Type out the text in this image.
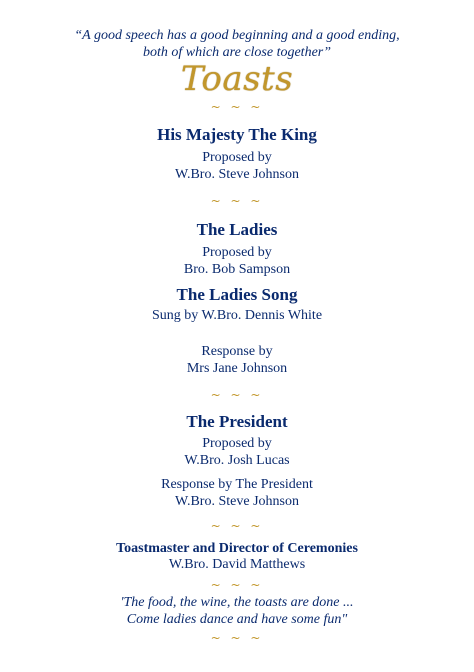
“A good speech has a good beginning and a good ending,
both of which are close together”
Toasts
~ ~ ~
His Majesty The King
Proposed by
W.Bro. Steve Johnson
~ ~ ~
The Ladies
Proposed by
Bro. Bob Sampson
The Ladies Song
Sung by W.Bro. Dennis White
Response by
Mrs Jane Johnson
~ ~ ~
The President
Proposed by
W.Bro. Josh Lucas
Response by The President
W.Bro. Steve Johnson
~ ~ ~
Toastmaster and Director of Ceremonies
W.Bro. David Matthews
~ ~ ~
'The food, the wine, the toasts are done ...
Come ladies dance and have some fun"
~ ~ ~
